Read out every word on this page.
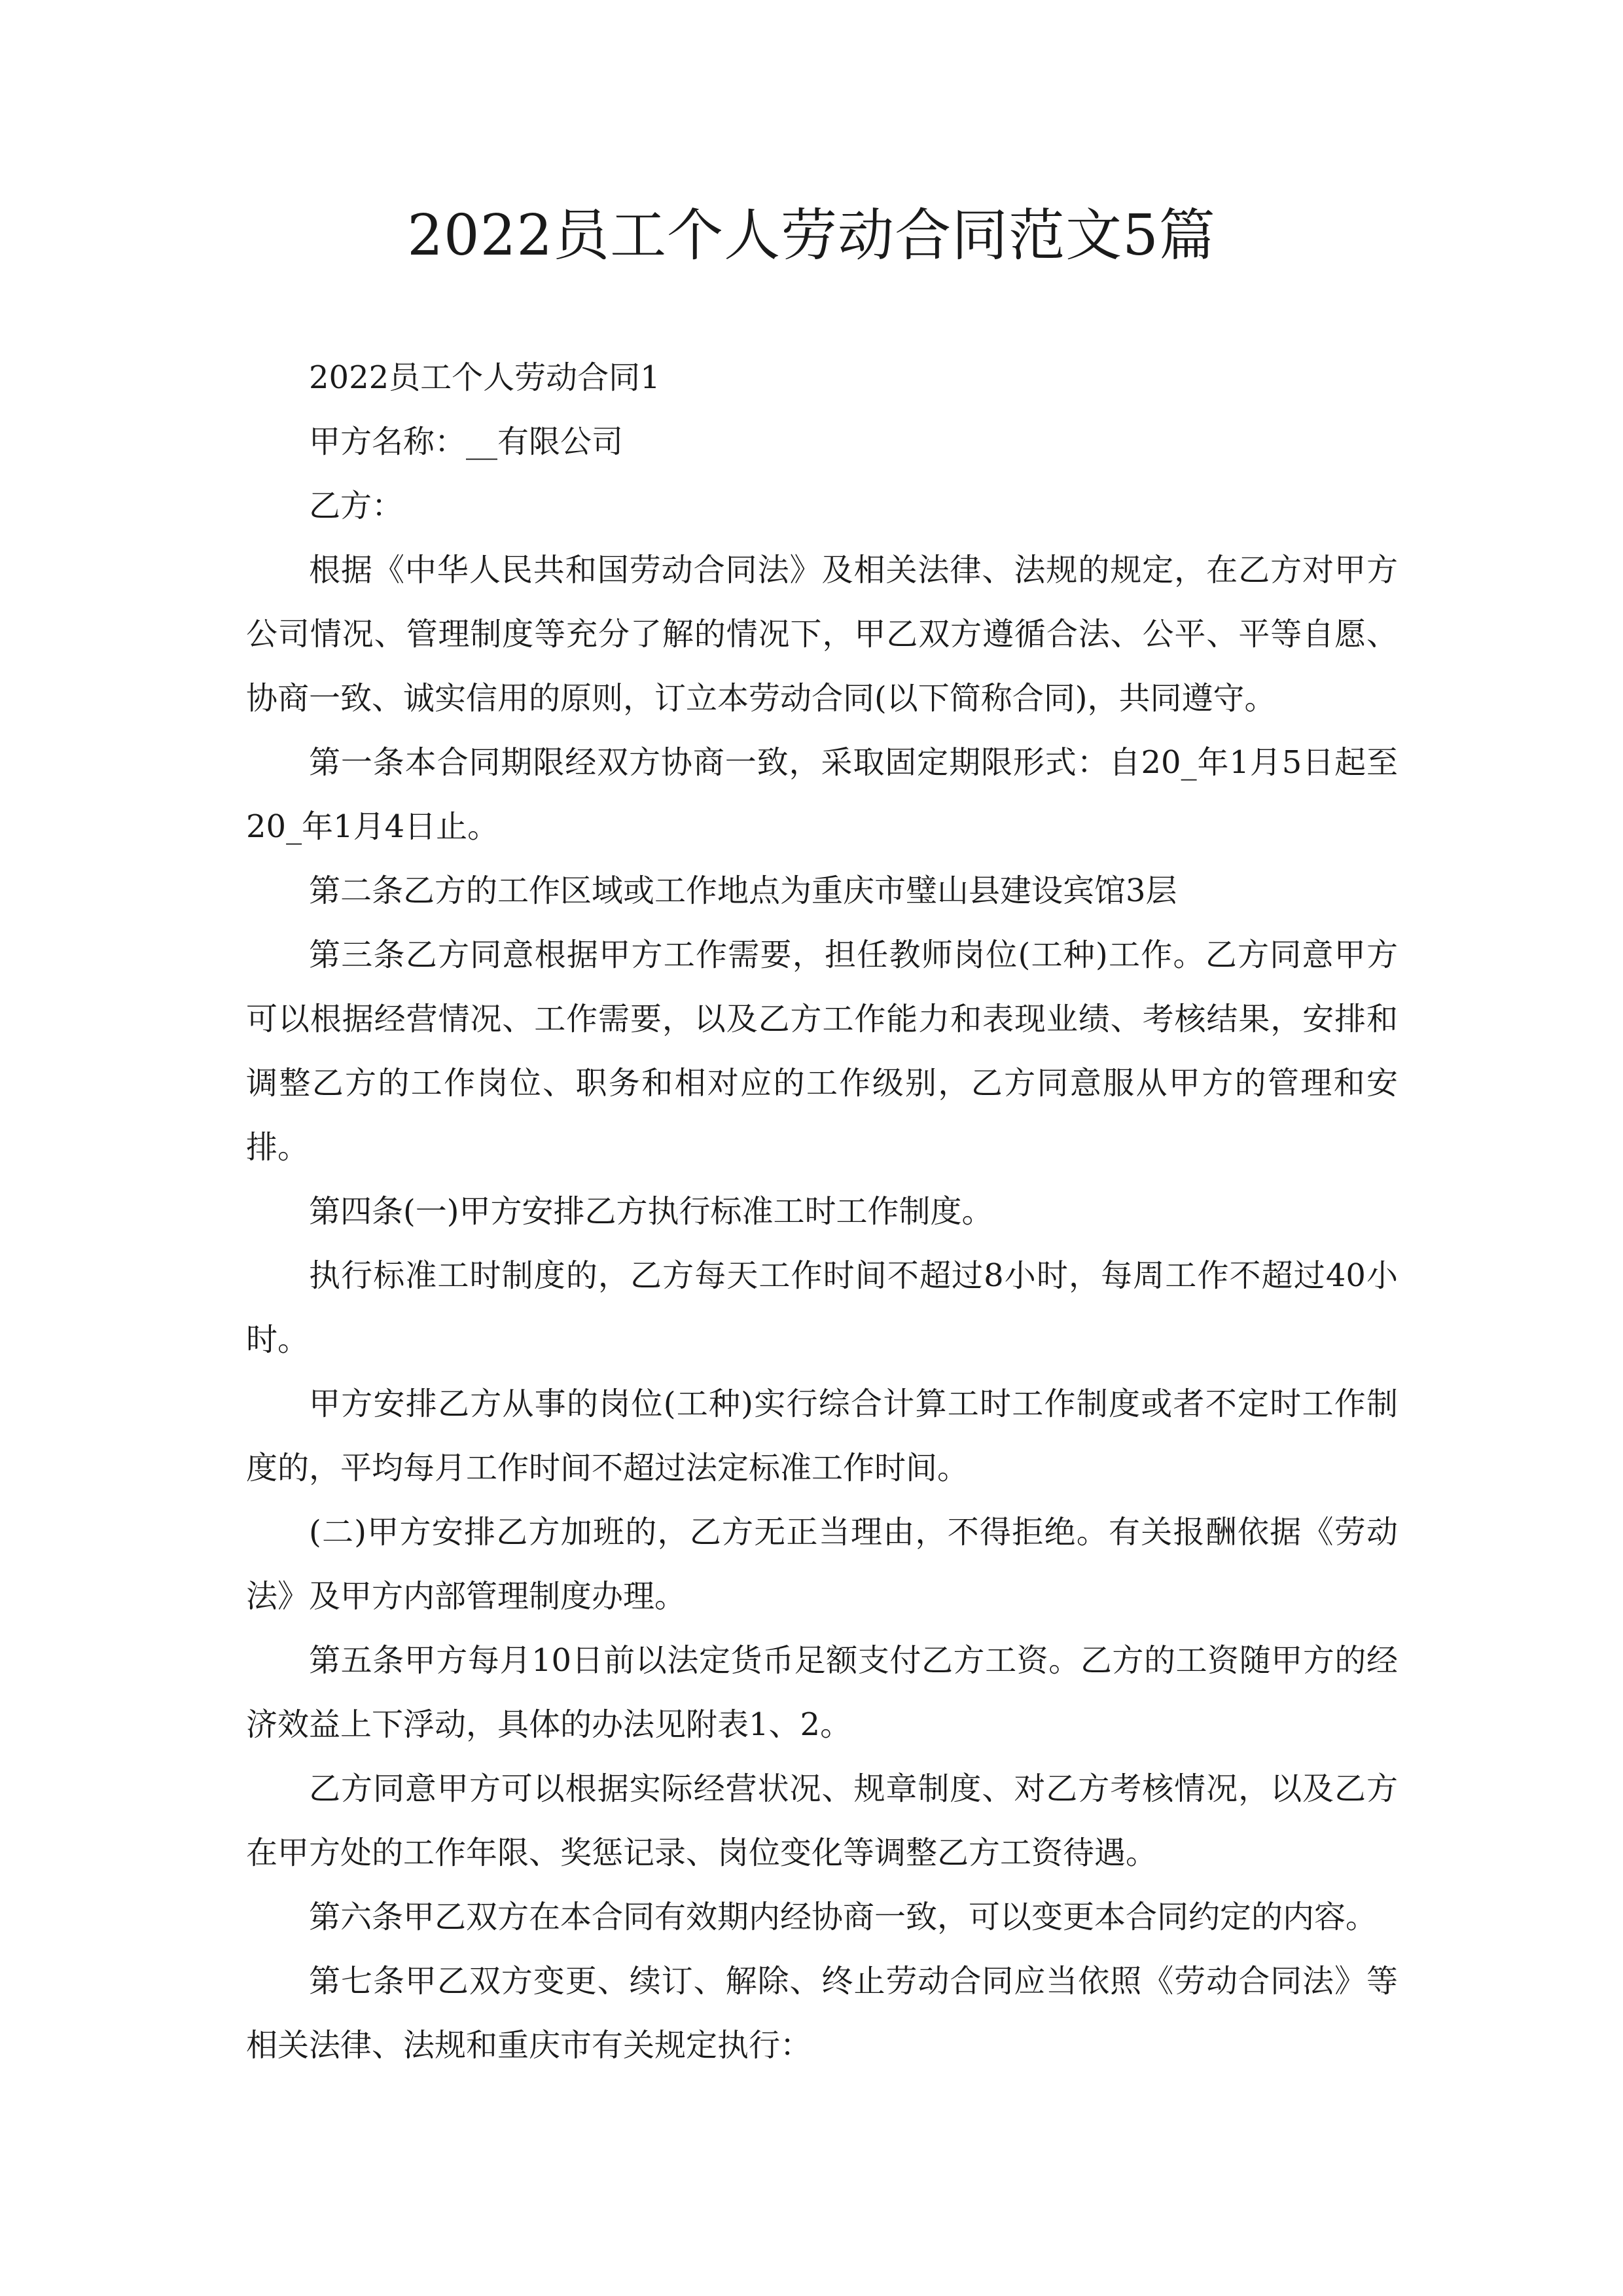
2022员工个人劳动合同范文5篇

2022员工个人劳动合同1

甲方名称：__有限公司

乙方：

根据《中华人民共和国劳动合同法》及相关法律、法规的规定，在乙方对甲方公司情况、管理制度等充分了解的情况下，甲乙双方遵循合法、公平、平等自愿、协商一致、诚实信用的原则，订立本劳动合同(以下简称合同)，共同遵守。

第一条本合同期限经双方协商一致，采取固定期限形式：自20_年1月5日起至20_年1月4日止。

第二条乙方的工作区域或工作地点为重庆市璧山县建设宾馆3层

第三条乙方同意根据甲方工作需要，担任教师岗位(工种)工作。乙方同意甲方可以根据经营情况、工作需要，以及乙方工作能力和表现业绩、考核结果，安排和调整乙方的工作岗位、职务和相对应的工作级别，乙方同意服从甲方的管理和安排。

第四条(一)甲方安排乙方执行标准工时工作制度。

执行标准工时制度的，乙方每天工作时间不超过8小时，每周工作不超过40小时。

甲方安排乙方从事的岗位(工种)实行综合计算工时工作制度或者不定时工作制度的，平均每月工作时间不超过法定标准工作时间。

(二)甲方安排乙方加班的，乙方无正当理由，不得拒绝。有关报酬依据《劳动法》及甲方内部管理制度办理。

第五条甲方每月10日前以法定货币足额支付乙方工资。乙方的工资随甲方的经济效益上下浮动，具体的办法见附表1、2。

乙方同意甲方可以根据实际经营状况、规章制度、对乙方考核情况，以及乙方在甲方处的工作年限、奖惩记录、岗位变化等调整乙方工资待遇。

第六条甲乙双方在本合同有效期内经协商一致，可以变更本合同约定的内容。

第七条甲乙双方变更、续订、解除、终止劳动合同应当依照《劳动合同法》等相关法律、法规和重庆市有关规定执行：
